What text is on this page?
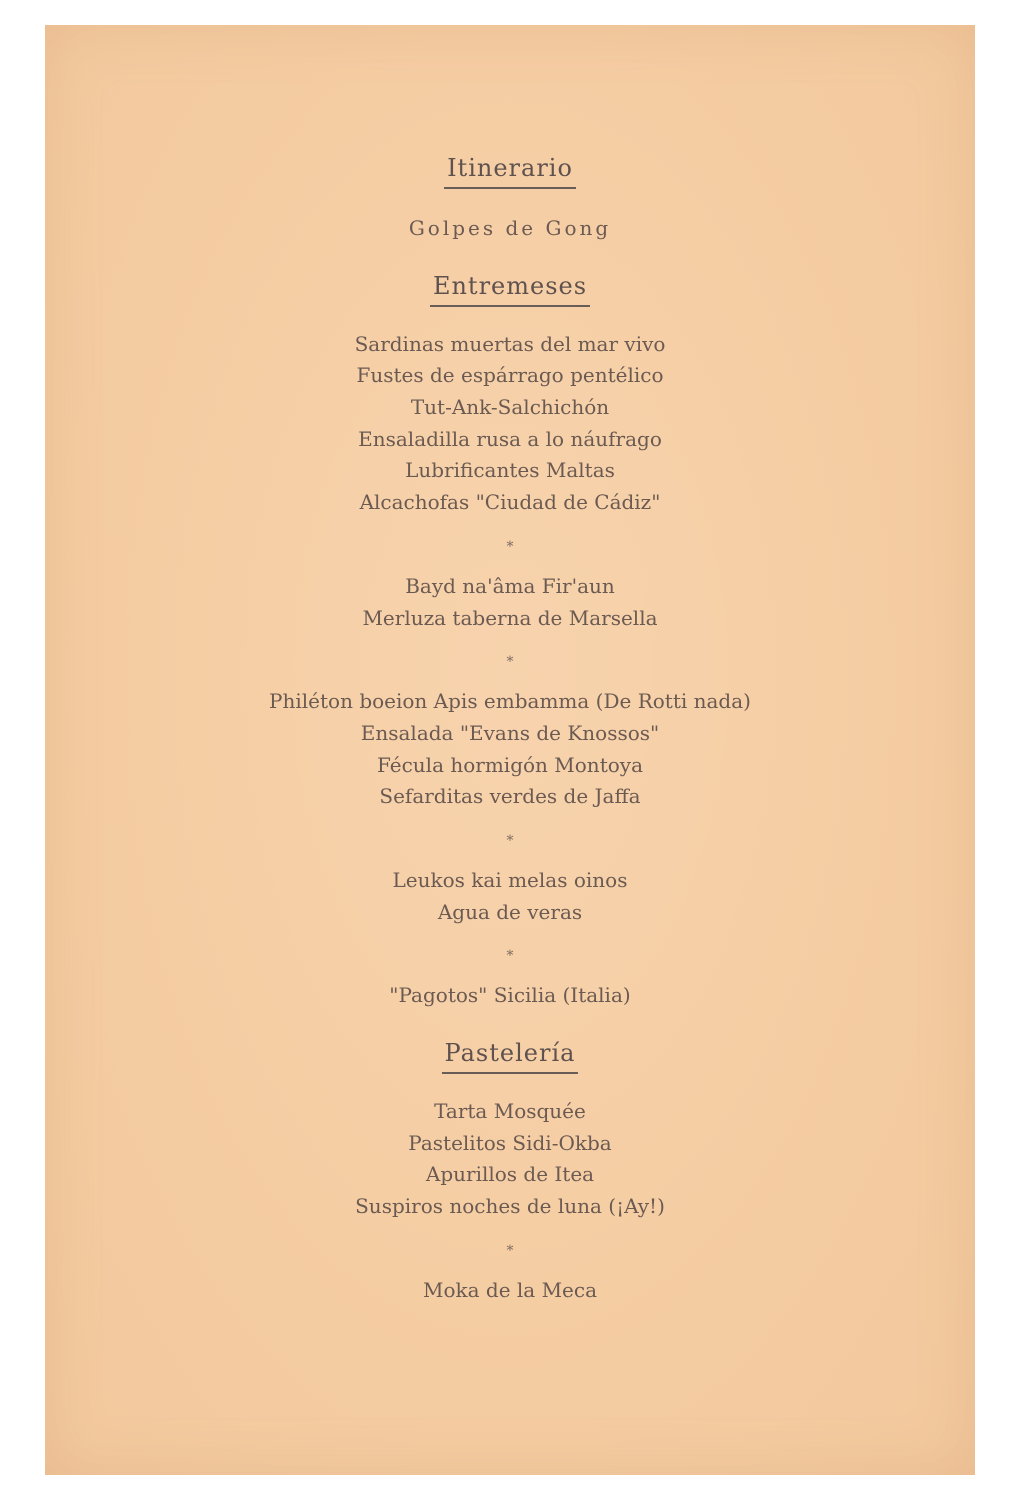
Itinerario
Golpes de Gong
Entremeses
Sardinas muertas del mar vivo
Fustes de espárrago pentélico
Tut-Ank-Salchichón
Ensaladilla rusa a lo náufrago
Lubrificantes Maltas
Alcachofas "Ciudad de Cádiz"
*
Bayd na'âma Fir'aun
Merluza taberna de Marsella
*
Philéton boeion Apis embamma (De Rotti nada)
Ensalada "Evans de Knossos"
Fécula hormigón Montoya
Sefarditas verdes de Jaffa
*
Leukos kai melas oinos
Agua de veras
*
"Pagotos" Sicilia (Italia)
Pastelería
Tarta Mosquée
Pastelitos Sidi-Okba
Apurillos de Itea
Suspiros noches de luna (¡Ay!)
*
Moka de la Meca
